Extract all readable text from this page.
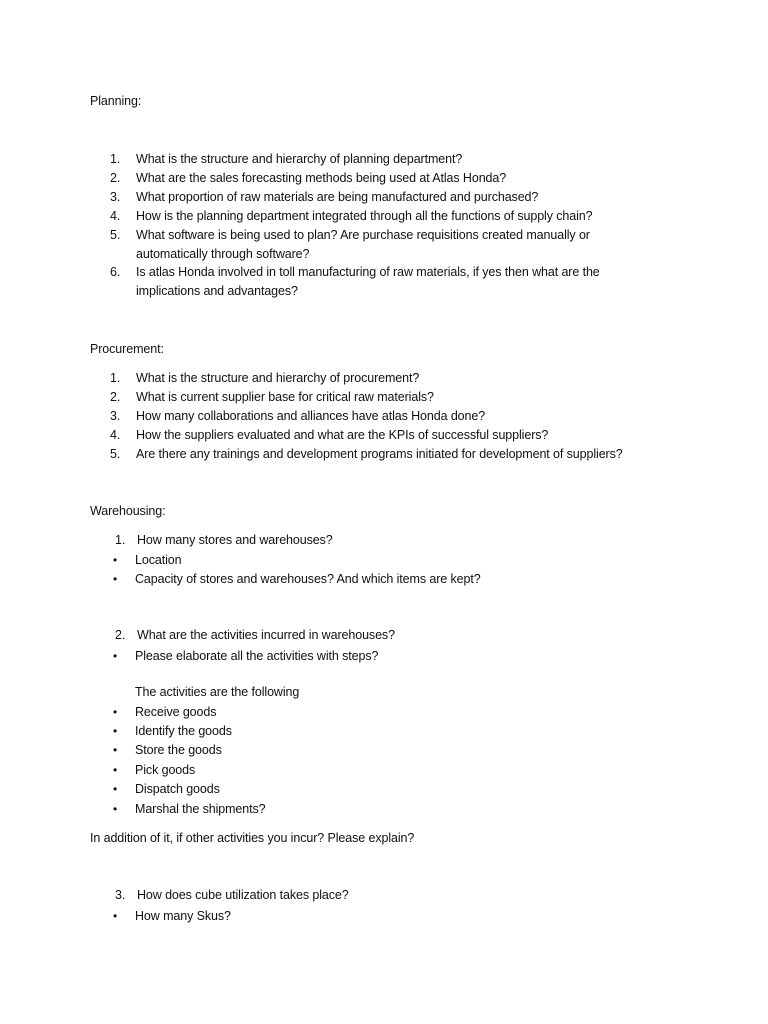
Planning:
1.	What is the structure and hierarchy of planning department?
2.	What are the sales forecasting methods being used at Atlas Honda?
3.	What proportion of raw materials are being manufactured and purchased?
4.	How is the planning department integrated through all the functions of supply chain?
5.	What software is being used to plan? Are purchase requisitions created manually or automatically through software?
6.	Is atlas Honda involved in toll manufacturing of raw materials, if yes then what are the implications and advantages?
Procurement:
1.	What is the structure and hierarchy of procurement?
2.	What is current supplier base for critical raw materials?
3.	How many collaborations and alliances have atlas Honda done?
4.	How the suppliers evaluated and what are the KPIs of successful suppliers?
5.	Are there any trainings and development programs initiated for development of suppliers?
Warehousing:
1. How many stores and warehouses?
•	Location
•	Capacity of stores and warehouses? And which items are kept?
2. What are the activities incurred in warehouses?
•	Please elaborate all the activities with steps?
The activities are the following
•	Receive goods
•	Identify the goods
•	Store the goods
•	Pick goods
•	Dispatch goods
•	Marshal the shipments?
In addition of it, if other activities you incur? Please explain?
3. How does cube utilization takes place?
•	How many Skus?
